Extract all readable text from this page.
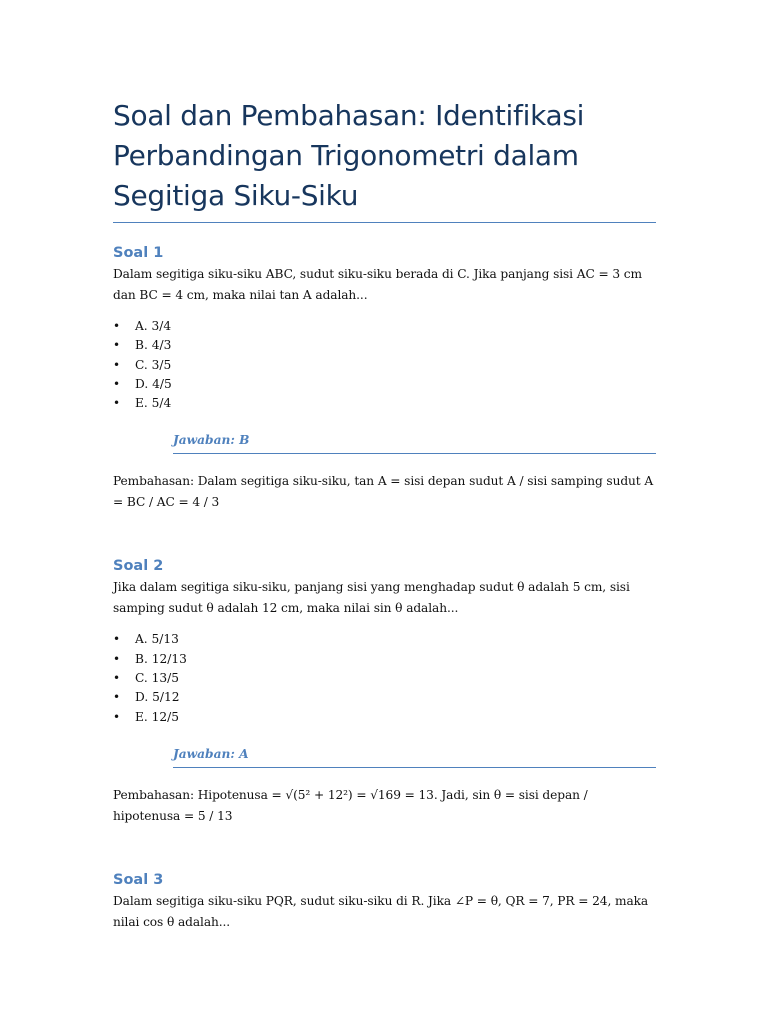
Soal dan Pembahasan: Identifikasi Perbandingan Trigonometri dalam Segitiga Siku-Siku
Soal 1

Dalam segitiga siku-siku ABC, sudut siku-siku berada di C. Jika panjang sisi AC = 3 cm dan BC = 4 cm, maka nilai tan A adalah...

• A. 3/4
• B. 4/3
• C. 3/5
• D. 4/5
• E. 5/4
Jawaban: B

Pembahasan: Dalam segitiga siku-siku, tan A = sisi depan sudut A / sisi samping sudut A = BC / AC = 4 / 3

Soal 2

Jika dalam segitiga siku-siku, panjang sisi yang menghadap sudut θ adalah 5 cm, sisi samping sudut θ adalah 12 cm, maka nilai sin θ adalah...

• A. 5/13
• B. 12/13
• C. 13/5
• D. 5/12
• E. 12/5
Jawaban: A

Pembahasan: Hipotenusa = √(5² + 12²) = √169 = 13. Jadi, sin θ = sisi depan / hipotenusa = 5 / 13

Soal 3

Dalam segitiga siku-siku PQR, sudut siku-siku di R. Jika ∠P = θ, QR = 7, PR = 24, maka nilai cos θ adalah...
